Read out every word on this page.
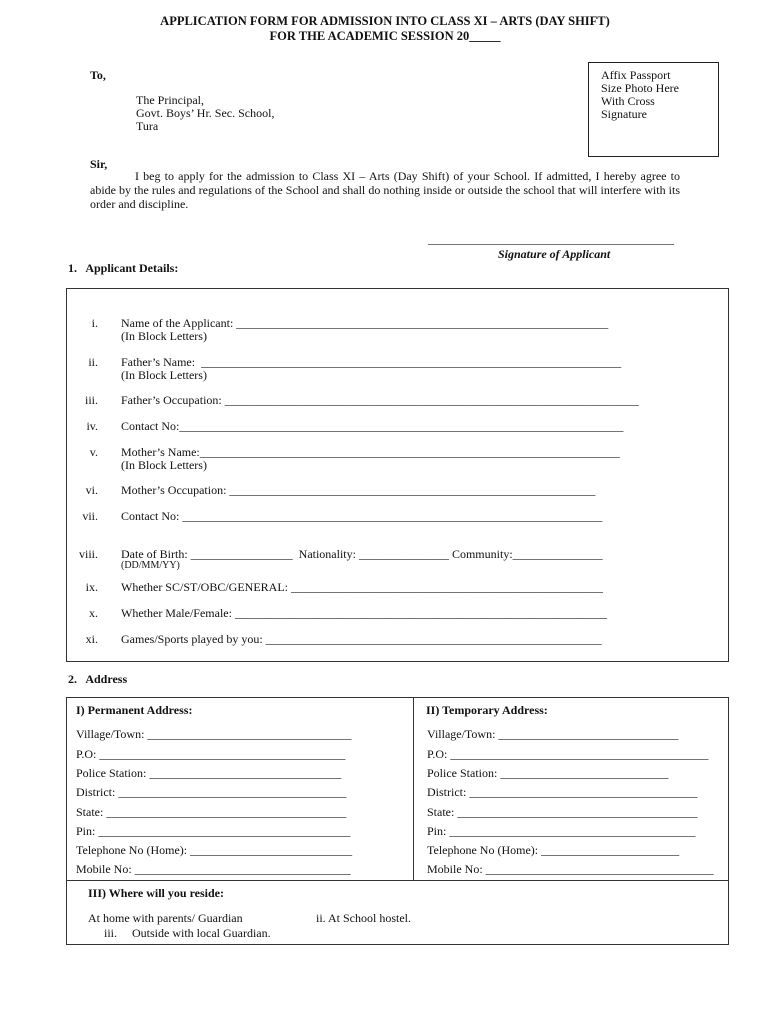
APPLICATION FORM FOR ADMISSION INTO CLASS XI – ARTS (DAY SHIFT)
FOR THE ACADEMIC SESSION 20_____
Affix Passport
Size Photo Here
With Cross
Signature
To,
The Principal,
Govt. Boys’ Hr. Sec. School,
Tura
Sir,
I beg to apply for the admission to Class XI – Arts (Day Shift) of your School. If admitted, I hereby agree to abide by the rules and regulations of the School and shall do nothing inside or outside the school that will interfere with its order and discipline.
_________________________________________
Signature of Applicant
1.   Applicant Details:
i. Name of the Applicant: ______________________________________________________________
(In Block Letters)
ii. Father’s Name:  ______________________________________________________________________
(In Block Letters)
iii. Father’s Occupation: _____________________________________________________________________
iv. Contact No:__________________________________________________________________________
v. Mother’s Name:______________________________________________________________________
(In Block Letters)
vi. Mother’s Occupation: _____________________________________________________________
vii. Contact No: ______________________________________________________________________
viii. Date of Birth: _________________  Nationality: _______________ Community:_______________
(DD/MM/YY)
ix. Whether SC/ST/OBC/GENERAL: ____________________________________________________
x. Whether Male/Female: ______________________________________________________________
xi. Games/Sports played by you: ________________________________________________________
2.   Address
I) Permanent Address:	II) Temporary Address:
Village/Town: __________________________________
P.O: _________________________________________
Police Station: ________________________________
District: ______________________________________
State: ________________________________________
Pin: __________________________________________
Telephone No (Home): ___________________________
Mobile No: ____________________________________
Village/Town: ______________________________
P.O: ___________________________________________
Police Station: ____________________________
District: ______________________________________
State: ________________________________________
Pin: _________________________________________
Telephone No (Home): _______________________
Mobile No: ______________________________________
III) Where will you reside:
At home with parents/ Guardian	ii. At School hostel.
iii.     Outside with local Guardian.
